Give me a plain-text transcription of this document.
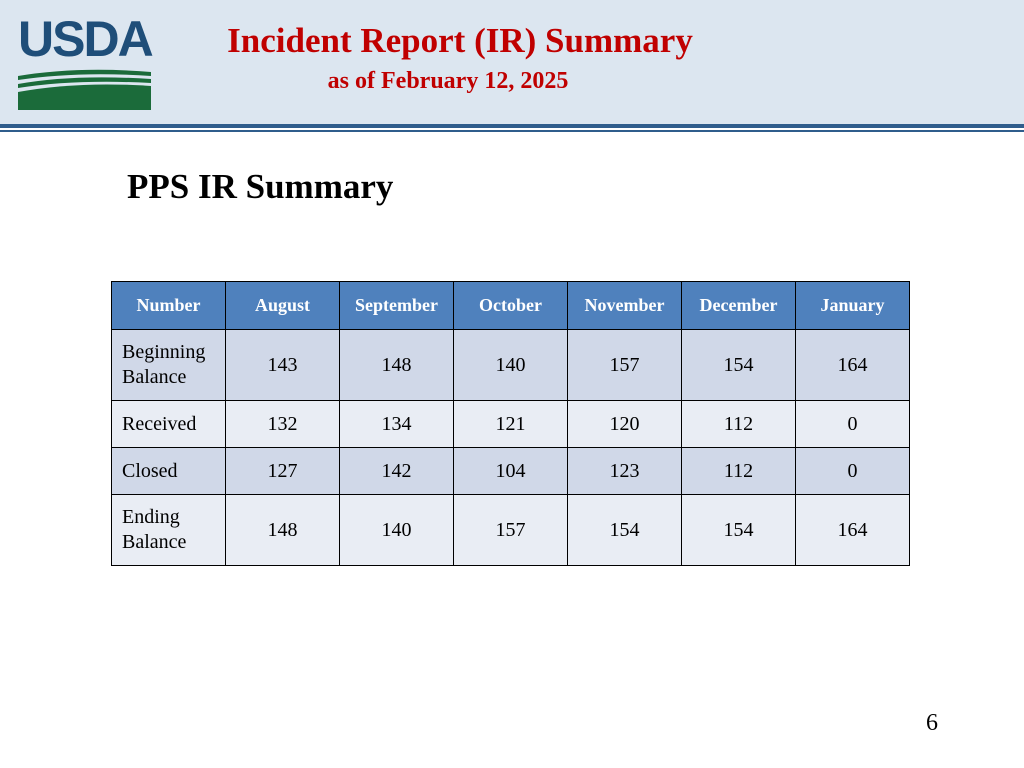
USDA	Incident Report (IR) Summary
as of February 12, 2025
PPS IR Summary
Number	August	September	October	November	December	January
Beginning Balance	143	148	140	157	154	164
Received	132	134	121	120	112	0
Closed	127	142	104	123	112	0
Ending Balance	148	140	157	154	154	164
6
